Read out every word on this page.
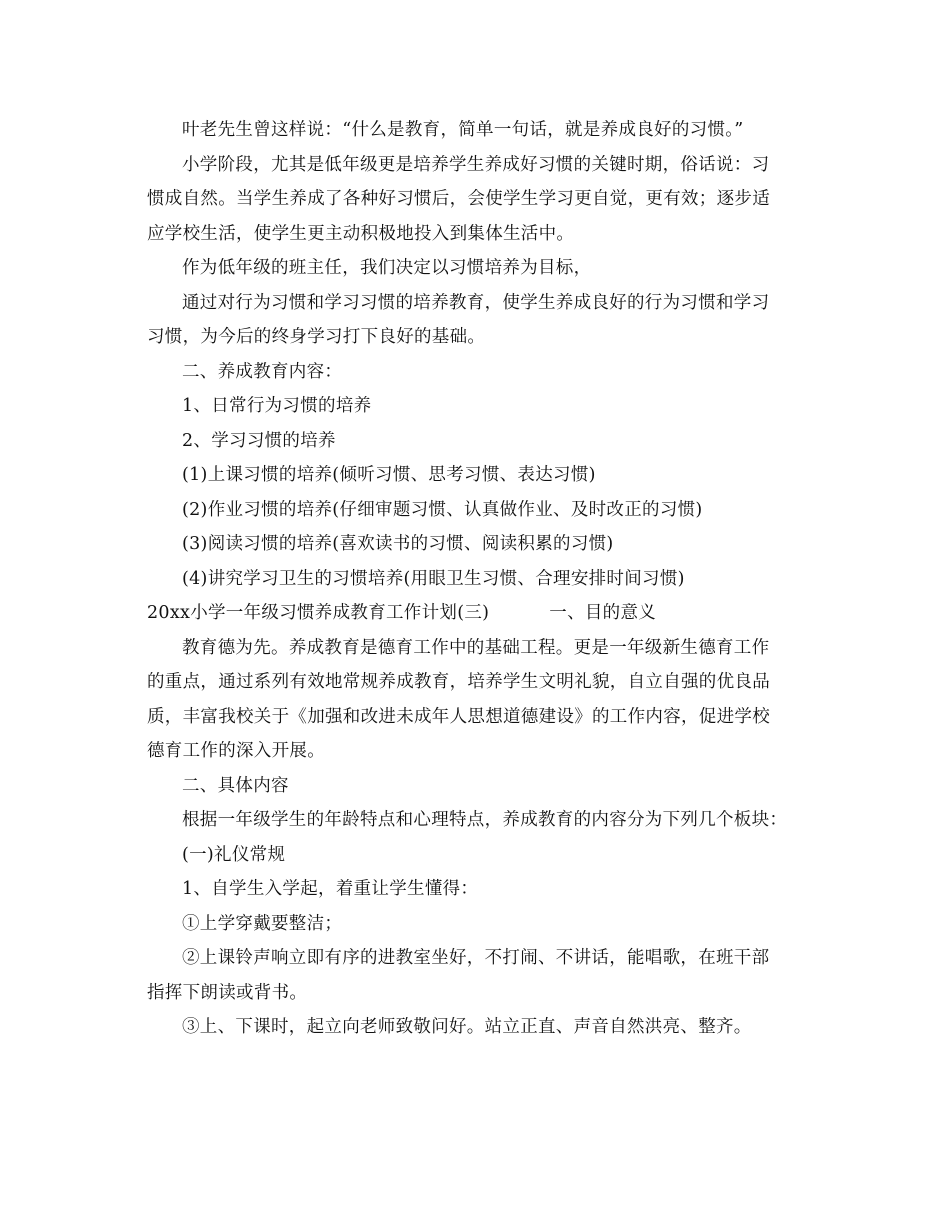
叶老先生曾这样说：“什么是教育，简单一句话，就是养成良好的习惯。”
小学阶段，尤其是低年级更是培养学生养成好习惯的关键时期，俗话说：习
惯成自然。当学生养成了各种好习惯后，会使学生学习更自觉，更有效；逐步适
应学校生活，使学生更主动积极地投入到集体生活中。
作为低年级的班主任，我们决定以习惯培养为目标，
通过对行为习惯和学习习惯的培养教育，使学生养成良好的行为习惯和学习
习惯，为今后的终身学习打下良好的基础。
二、养成教育内容：
1、日常行为习惯的培养
2、学习习惯的培养
(1)上课习惯的培养(倾听习惯、思考习惯、表达习惯)
(2)作业习惯的培养(仔细审题习惯、认真做作业、及时改正的习惯)
(3)阅读习惯的培养(喜欢读书的习惯、阅读积累的习惯)
(4)讲究学习卫生的习惯培养(用眼卫生习惯、合理安排时间习惯)
20xx小学一年级习惯养成教育工作计划(三)	一、目的意义
教育德为先。养成教育是德育工作中的基础工程。更是一年级新生德育工作
的重点，通过系列有效地常规养成教育，培养学生文明礼貌，自立自强的优良品
质，丰富我校关于《加强和改进未成年人思想道德建设》的工作内容，促进学校
德育工作的深入开展。
二、具体内容
根据一年级学生的年龄特点和心理特点，养成教育的内容分为下列几个板块：
(一)礼仪常规
1、自学生入学起，着重让学生懂得：
①上学穿戴要整洁；
②上课铃声响立即有序的进教室坐好，不打闹、不讲话，能唱歌，在班干部
指挥下朗读或背书。
③上、下课时，起立向老师致敬问好。站立正直、声音自然洪亮、整齐。
